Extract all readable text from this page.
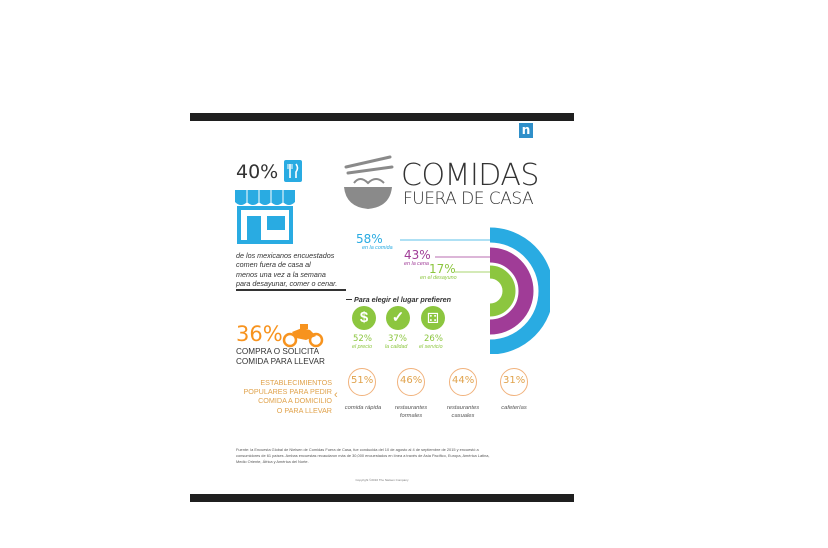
n
COMIDAS
FUERA DE CASA
40%
de los mexicanos encuestados
comen fuera de casa al
menos una vez a la semana
para desayunar, comer o cenar.
58%
en la comida 43%
en la cena 17%
en el desayuno
Para elegir el lugar prefieren
$
52%
el precio
✓
37%
la calidad
⚃
26%
el servicio
36%
COMPRA O SOLICITA
COMIDA PARA LLEVAR
ESTABLECIMIENTOS
POPULARES PARA PEDIR
COMIDA A DOMICILIO
O PARA LLEVAR
‹
51%
comida rápida
46%
restaurantes
formales
44%
restaurantes
casuales
31%
cafeterías
Fuente: la Encuesta Global de Nielsen de Comidas Fuera de Casa, fue conducida del 10 de agosto al 4 de septiembre de 2015 y encuestó a
consumidores de 61 países. Ambas encuestas recaudaron más de 30,000 encuestados en línea a través de Asia Pacífico, Europa, América Latina,
Medio Oriente, África y América del Norte.
Copyright ©2016 The Nielsen Company
